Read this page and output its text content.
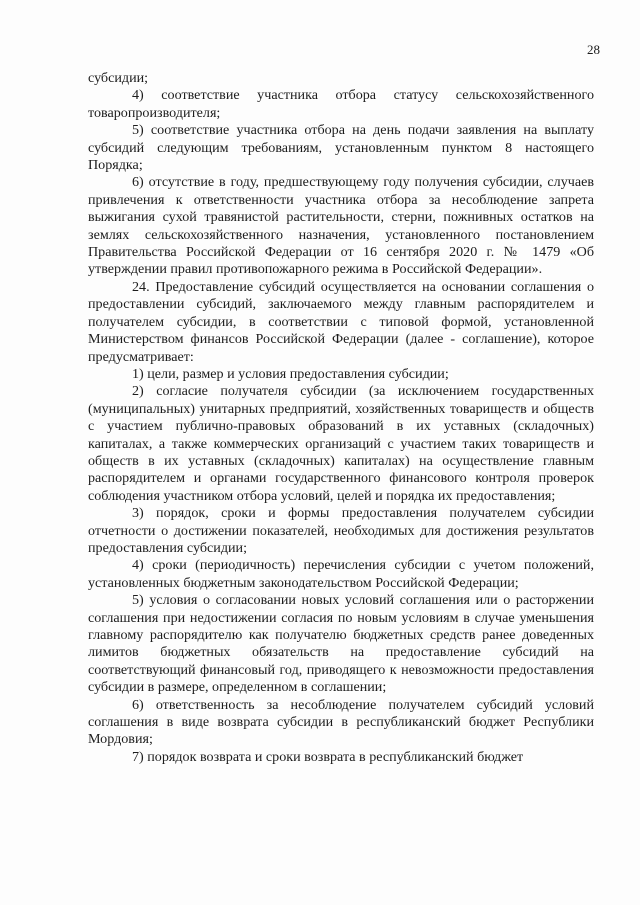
28

субсидии;

4) соответствие участника отбора статусу сельскохозяйственного товаропроизводителя;

5) соответствие участника отбора на день подачи заявления на выплату субсидий следующим требованиям, установленным пунктом 8 настоящего Порядка;

6) отсутствие в году, предшествующему году получения субсидии, случаев привлечения к ответственности участника отбора за несоблюдение запрета выжигания сухой травянистой растительности, стерни, пожнивных остатков на землях сельскохозяйственного назначения, установленного постановлением Правительства Российской Федерации от 16 сентября 2020 г. № 1479 «Об утверждении правил противопожарного режима в Российской Федерации».

24. Предоставление субсидий осуществляется на основании соглашения о предоставлении субсидий, заключаемого между главным распорядителем и получателем субсидии, в соответствии с типовой формой, установленной Министерством финансов Российской Федерации (далее - соглашение), которое предусматривает:

1) цели, размер и условия предоставления субсидии;

2) согласие получателя субсидии (за исключением государственных (муниципальных) унитарных предприятий, хозяйственных товариществ и обществ с участием публично-правовых образований в их уставных (складочных) капиталах, а также коммерческих организаций с участием таких товариществ и обществ в их уставных (складочных) капиталах) на осуществление главным распорядителем и органами государственного финансового контроля проверок соблюдения участником отбора условий, целей и порядка их предоставления;

3) порядок, сроки и формы предоставления получателем субсидии отчетности о достижении показателей, необходимых для достижения результатов предоставления субсидии;

4) сроки (периодичность) перечисления субсидии с учетом положений, установленных бюджетным законодательством Российской Федерации;

5) условия о согласовании новых условий соглашения или о расторжении соглашения при недостижении согласия по новым условиям в случае уменьшения главному распорядителю как получателю бюджетных средств ранее доведенных лимитов бюджетных обязательств на предоставление субсидий на соответствующий финансовый год, приводящего к невозможности предоставления субсидии в размере, определенном в соглашении;

6) ответственность за несоблюдение получателем субсидий условий соглашения в виде возврата субсидии в республиканский бюджет Республики Мордовия;

7) порядок возврата и сроки возврата в республиканский бюджет
